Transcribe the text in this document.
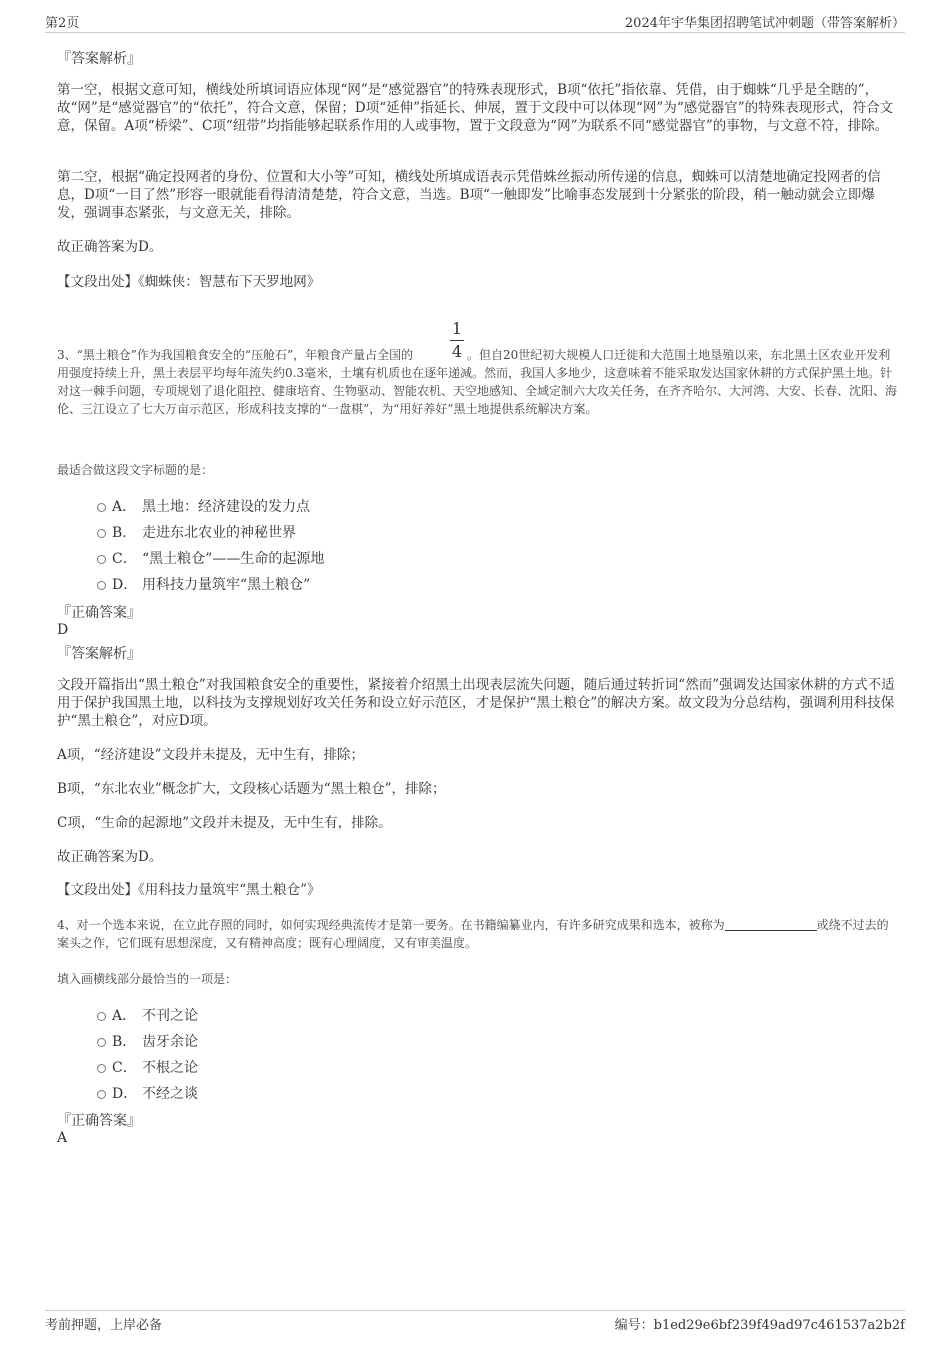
第2页	2024年宇华集团招聘笔试冲刺题（带答案解析）
『答案解析』
第一空，根据文意可知，横线处所填词语应体现“网”是“感觉器官”的特殊表现形式，B项“依托”指依靠、凭借，由于蜘蛛“几乎是全瞎的”，故“网”是“感觉器官”的“依托”，符合文意，保留；D项“延伸”指延长、伸展，置于文段中可以体现“网”为“感觉器官”的特殊表现形式，符合文意，保留。A项“桥梁”、C项“纽带”均指能够起联系作用的人或事物，置于文段意为“网”为联系不同“感觉器官”的事物，与文意不符，排除。
第二空，根据“确定投网者的身份、位置和大小等”可知，横线处所填成语表示凭借蛛丝振动所传递的信息，蜘蛛可以清楚地确定投网者的信息，D项“一目了然”形容一眼就能看得清清楚楚，符合文意，当选。B项“一触即发”比喻事态发展到十分紧张的阶段，稍一触动就会立即爆发，强调事态紧张，与文意无关，排除。
故正确答案为D。
【文段出处】《蜘蛛侠：智慧布下天罗地网》
1
4
3、“黑土粮仓”作为我国粮食安全的“压舱石”，年粮食产量占全国的	。但自20世纪初大规模人口迁徙和大范围土地垦殖以来，东北黑土区农业开发利用强度持续上升，黑土表层平均每年流失约0.3毫米，土壤有机质也在逐年递减。然而，我国人多地少，这意味着不能采取发达国家休耕的方式保护黑土地。针对这一棘手问题，专项规划了退化阻控、健康培育、生物驱动、智能农机、天空地感知、全域定制六大攻关任务，在齐齐哈尔、大河湾、大安、长春、沈阳、海伦、三江设立了七大万亩示范区，形成科技支撑的“一盘棋”，为“用好养好”黑土地提供系统解决方案。
最适合做这段文字标题的是：
A． 黑土地：经济建设的发力点
B． 走进东北农业的神秘世界
C． “黑土粮仓”——生命的起源地
D． 用科技力量筑牢“黑土粮仓”
『正确答案』
D
『答案解析』
文段开篇指出“黑土粮仓”对我国粮食安全的重要性，紧接着介绍黑土出现表层流失问题，随后通过转折词“然而”强调发达国家休耕的方式不适用于保护我国黑土地，以科技为支撑规划好攻关任务和设立好示范区，才是保护“黑土粮仓”的解决方案。故文段为分总结构，强调利用科技保护“黑土粮仓”，对应D项。
A项，“经济建设”文段并未提及，无中生有，排除；
B项，“东北农业”概念扩大，文段核心话题为“黑土粮仓”，排除；
C项，“生命的起源地”文段并未提及，无中生有，排除。
故正确答案为D。
【文段出处】《用科技力量筑牢“黑土粮仓”》
4、对一个选本来说，在立此存照的同时，如何实现经典流传才是第一要务。在书籍编纂业内，有许多研究成果和选本，被称为	或绕不过去的案头之作，它们既有思想深度，又有精神高度；既有心理阔度，又有审美温度。
填入画横线部分最恰当的一项是：
A． 不刊之论
B． 齿牙余论
C． 不根之论
D． 不经之谈
『正确答案』
A
考前押题，上岸必备	编号：b1ed29e6bf239f49ad97c461537a2b2f
